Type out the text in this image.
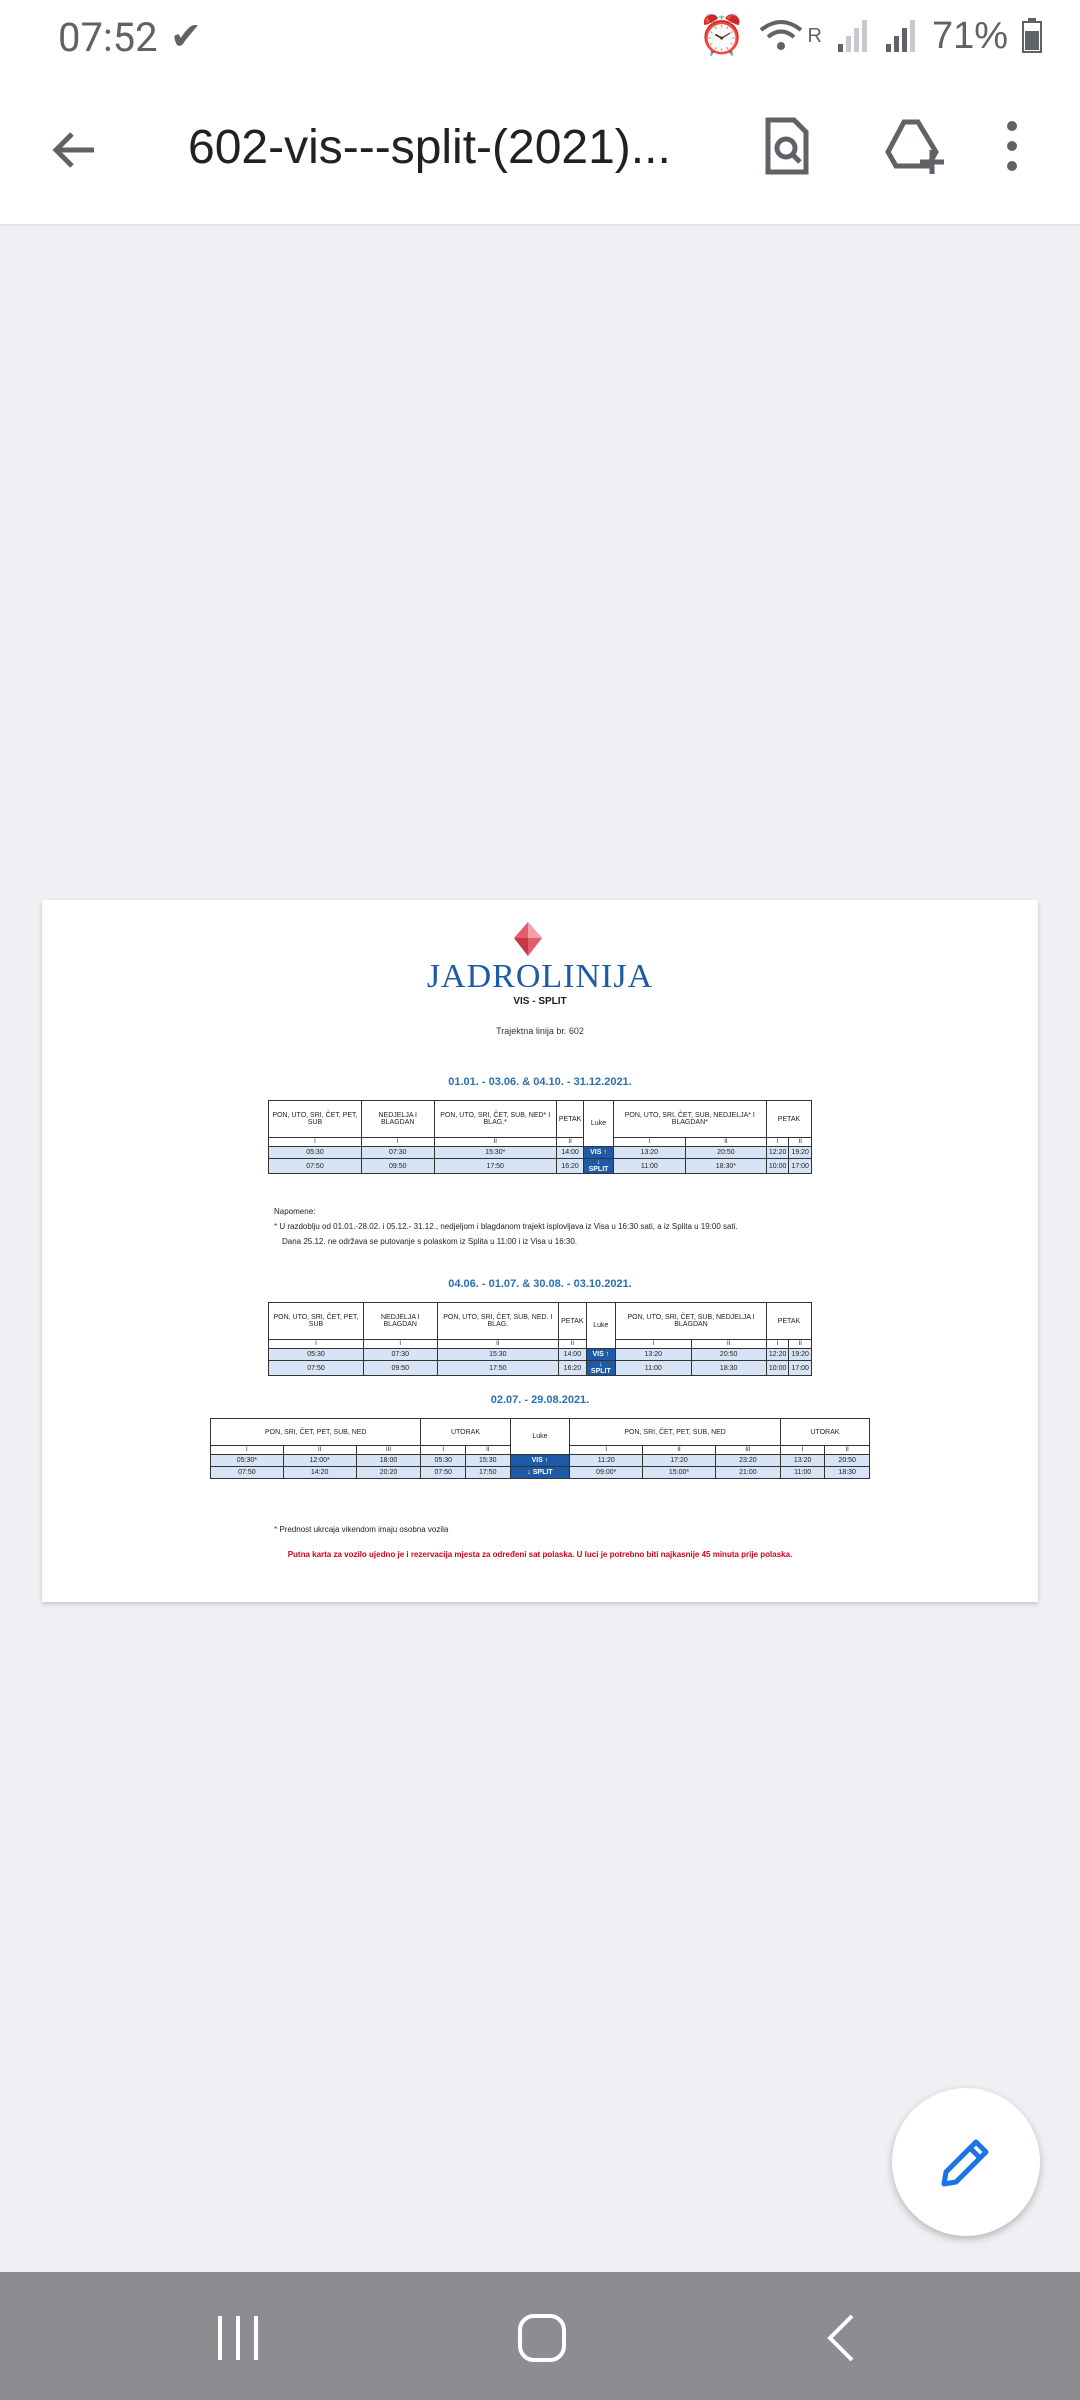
07:52 ✔	⏰	R	71%
602-vis---split-(2021)...
JADROLINIJA
VIS - SPLIT
Trajektna linija br. 602
01.01. - 03.06. & 04.10. - 31.12.2021.
PON, UTO, SRI, ČET, PET, SUB	NEDJELJA I BLAGDAN	PON, UTO, SRI, ČET, SUB, NED* I BLAG.*	PETAK	Luke	PON, UTO, SRI, ČET, SUB, NEDJELJA* I BLAGDAN*		PETAK	
I	I	II	II		I	II	I	II
05:30	07:30	15:30*	14:00	VIS ↑	13:20	20:50	12:20	19:20
07:50	09:50	17:50	16:20	↓ SPLIT	11:00	18:30*	10:00	17:00
Napomene:
* U razdoblju od 01.01.-28.02. i 05.12.- 31.12., nedjeljom i blagdanom trajekt isplovljava iz Visa u 16:30 sati, a iz Splita u 19:00 sati.
Dana 25.12. ne održava se putovanje s polaskom iz Splita u 11:00 i iz Visa u 16:30.
04.06. - 01.07. & 30.08. - 03.10.2021.
PON, UTO, SRI, ČET, PET, SUB	NEDJELJA I BLAGDAN	PON, UTO, SRI, ČET, SUB, NED. I BLAG.	PETAK	Luke	PON, UTO, SRI, ČET, SUB, NEDJELJA I BLAGDAN		PETAK	
I	I	II	II		I	II	I	II
05:30	07:30	15:30	14:00	VIS ↑	13:20	20:50	12:20	19:20
07:50	09:50	17:50	16:20	↓ SPLIT	11:00	18:30	10:00	17:00
02.07. - 29.08.2021.
PON, SRI, ČET, PET, SUB, NED			UTORAK		Luke	PON, SRI, ČET, PET, SUB, NED			UTORAK	
I	II	III	I	II		I	II	III	I	II
05:30*	12:00*	18:00	05:30	15:30	VIS ↑	11:20	17:20	23:20	13:20	20:50
07:50	14:20	20:20	07:50	17:50	↓ SPLIT	09:00*	15:00*	21:00	11:00	18:30
* Prednost ukrcaja vikendom imaju osobna vozila
Putna karta za vozilo ujedno je i rezervacija mjesta za određeni sat polaska. U luci je potrebno biti najkasnije 45 minuta prije polaska.
